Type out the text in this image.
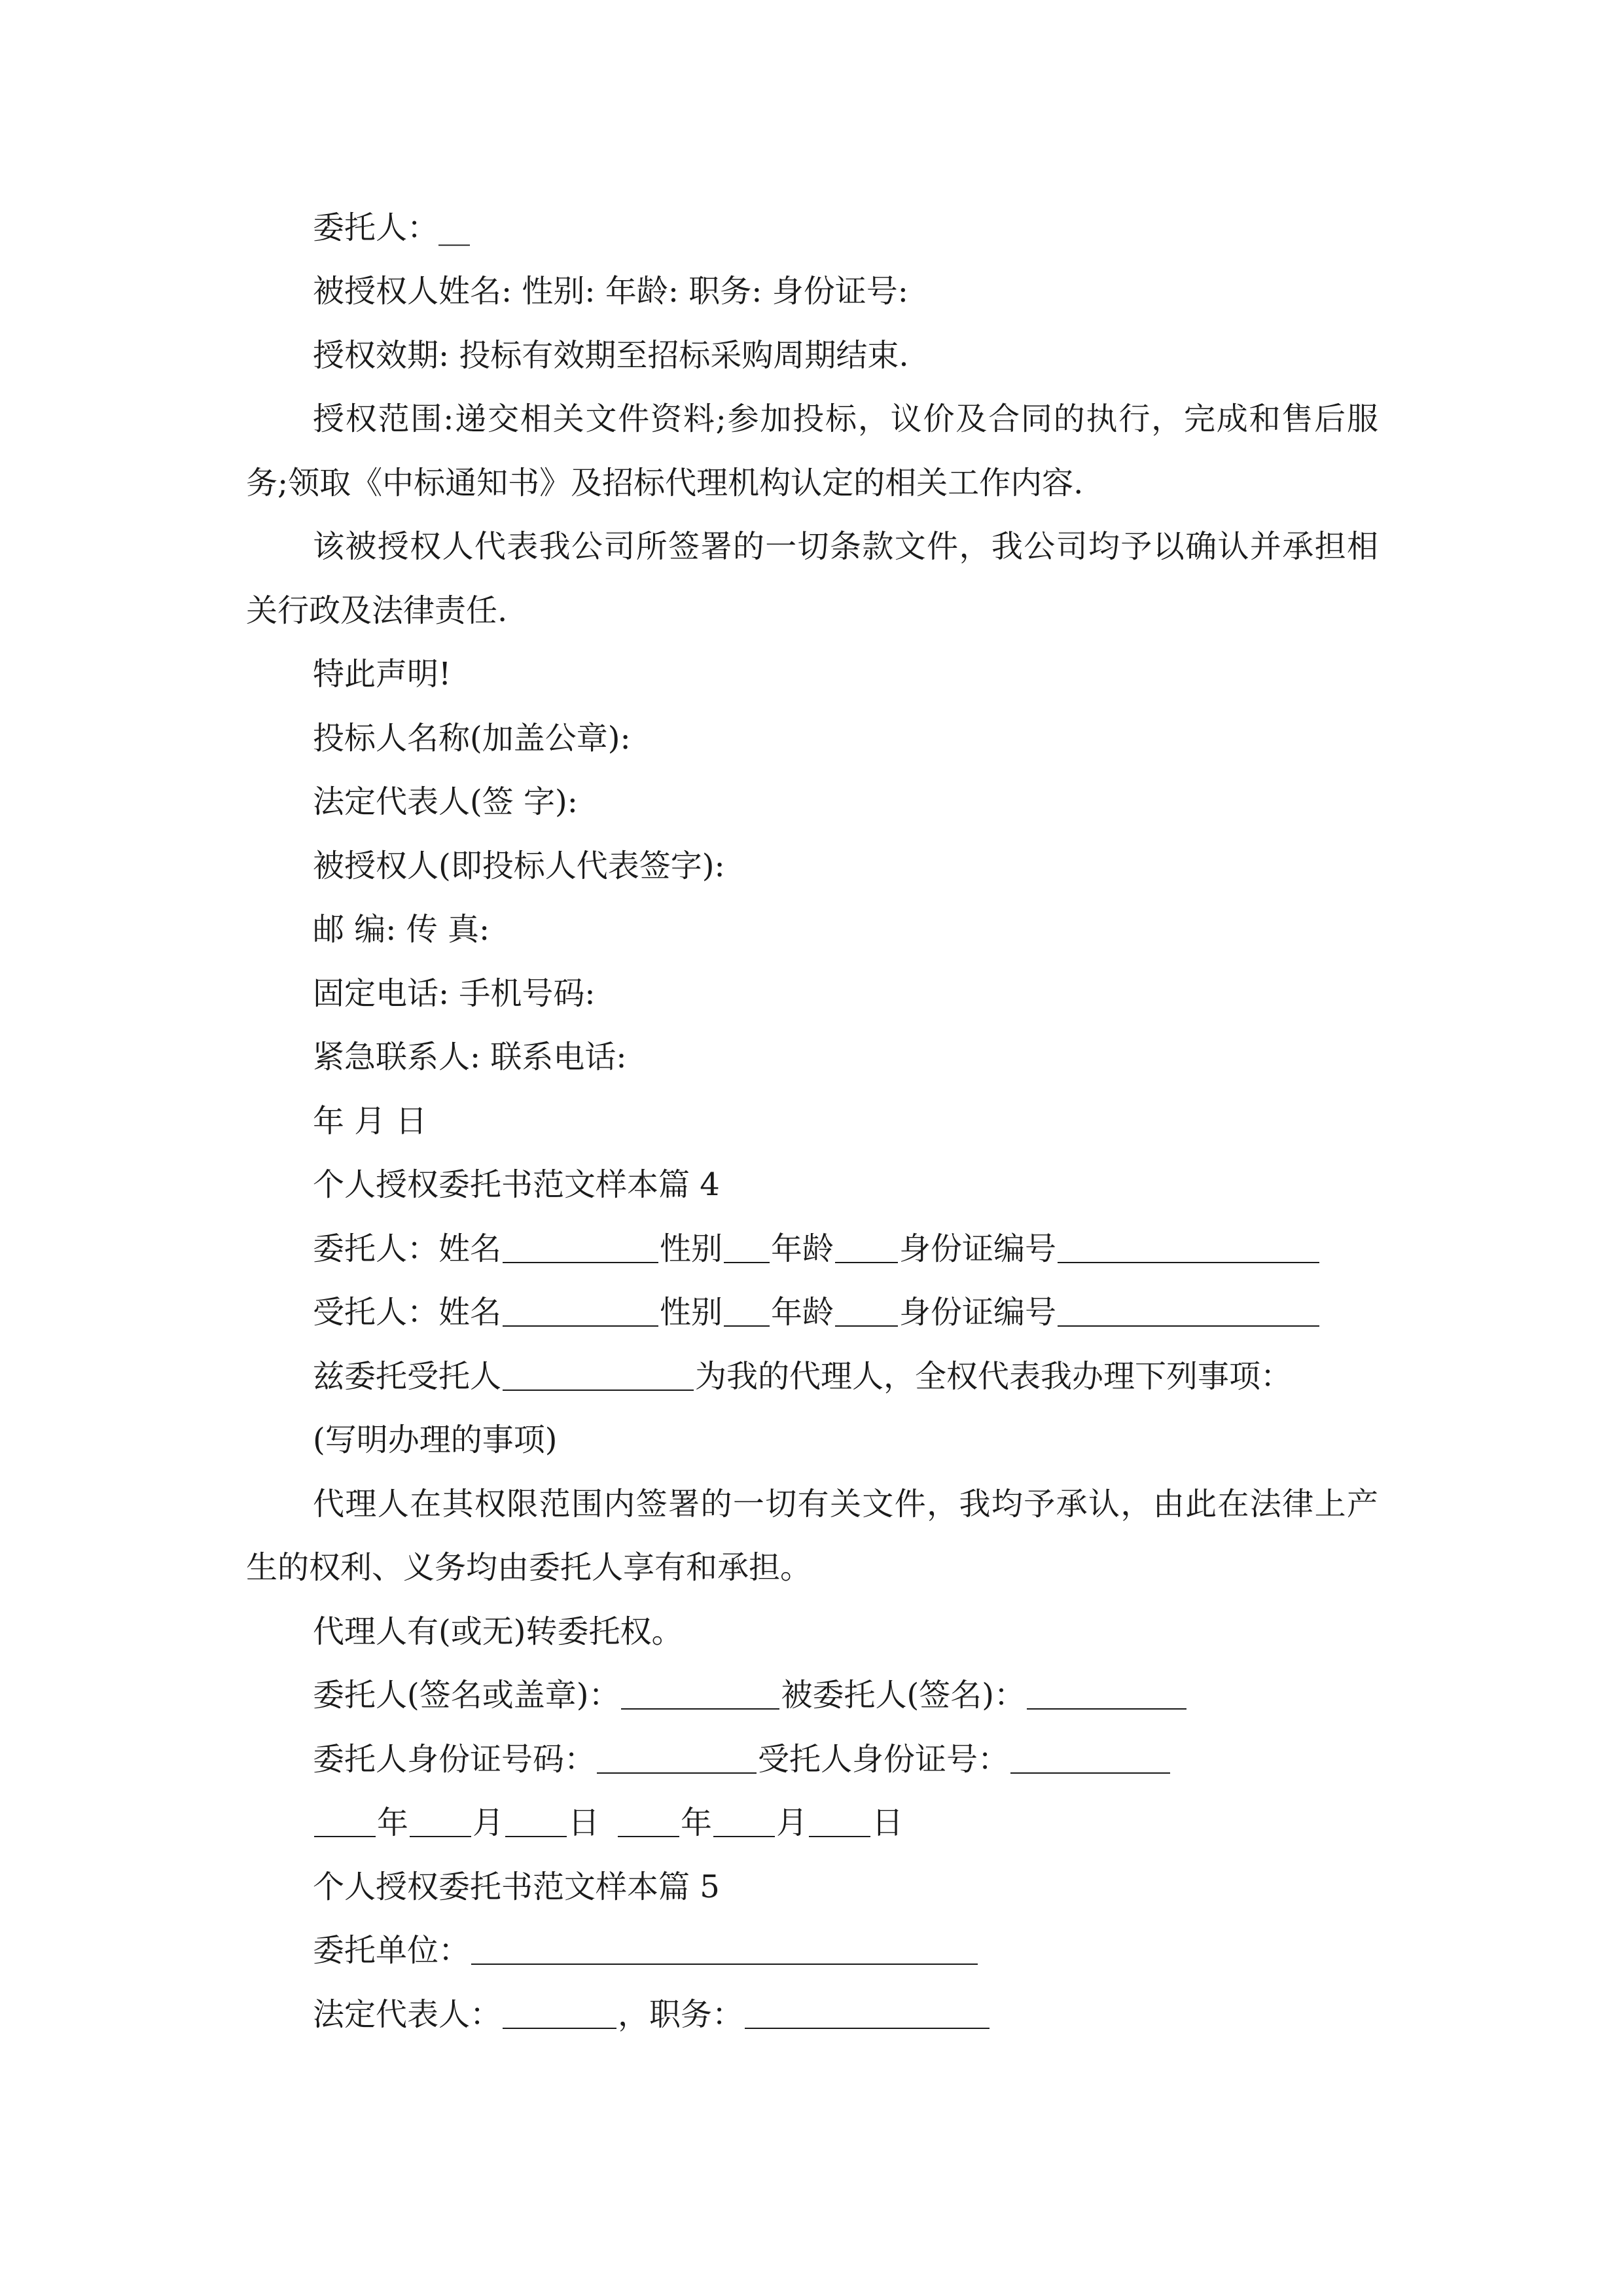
委托人：__
被授权人姓名: 性别: 年龄: 职务: 身份证号:
授权效期: 投标有效期至招标采购周期结束.
授权范围:递交相关文件资料;参加投标，议价及合同的执行，完成和售后服
务;领取《中标通知书》及招标代理机构认定的相关工作内容.
该被授权人代表我公司所签署的一切条款文件，我公司均予以确认并承担相
关行政及法律责任.
特此声明!
投标人名称(加盖公章):
法定代表人(签 字):
被授权人(即投标人代表签字):
邮 编: 传 真:
固定电话: 手机号码:
紧急联系人: 联系电话:
年 月 日
个人授权委托书范文样本篇 4
委托人：姓名	性别 年龄 身份证编号
受托人：姓名	性别 年龄 身份证编号
兹委托受托人	为我的代理人，全权代表我办理下列事项：
(写明办理的事项)
代理人在其权限范围内签署的一切有关文件，我均予承认，由此在法律上产
生的权利、义务均由委托人享有和承担。
代理人有(或无)转委托权。
委托人(签名或盖章)：	被委托人(签名)：
委托人身份证号码：	受托人身份证号：
年 月 日	年 月 日
个人授权委托书范文样本篇 5
委托单位：
法定代表人：	，职务：
